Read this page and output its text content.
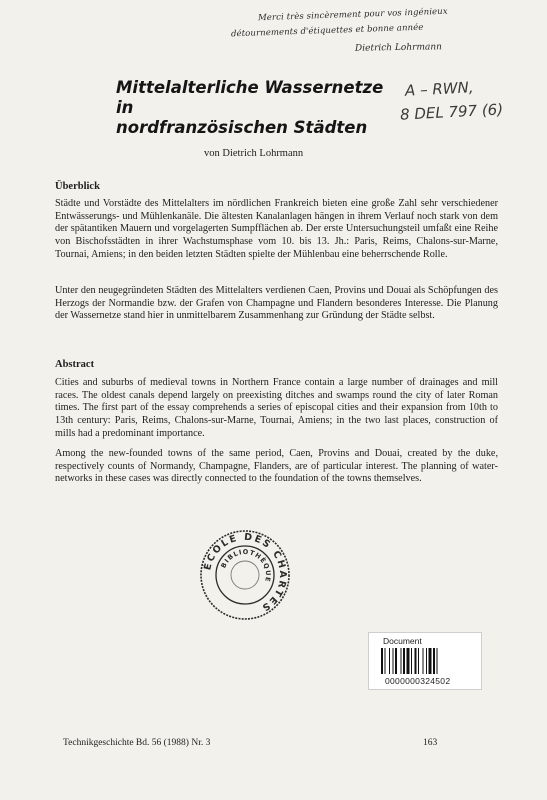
Merci très sincèrement pour vos ingénieux
détournements d'étiquettes et bonne année
Dietrich Lohrmann
A – RWN,
8 DEL 797 (6)
Mittelalterliche Wassernetze in
nordfranzösischen Städten
von Dietrich Lohrmann
Überblick

Städte und Vorstädte des Mittelalters im nördlichen Frankreich bieten eine große Zahl sehr verschiedener Entwässerungs- und Mühlenkanäle. Die ältesten Kanalanlagen hängen in ihrem Verlauf noch stark von dem der spätantiken Mauern und vorgelagerten Sumpfflächen ab. Der erste Untersuchungsteil umfaßt eine Reihe von Bischofsstädten in ihrer Wachstumsphase vom 10. bis 13. Jh.: Paris, Reims, Chalons-sur-Marne, Tournai, Amiens; in den beiden letzten Städten spielte der Mühlenbau eine beherrschende Rolle.

Unter den neugegründeten Städten des Mittelalters verdienen Caen, Provins und Douai als Schöpfungen des Herzogs der Normandie bzw. der Grafen von Champagne und Flandern besonderes Interesse. Die Planung der Wassernetze stand hier in unmittelbarem Zusammenhang zur Gründung der Städte selbst.

Abstract

Cities and suburbs of medieval towns in Northern France contain a large number of drainages and mill races. The oldest canals depend largely on preexisting ditches and swamps round the city of later Roman times. The first part of the essay comprehends a series of episcopal cities and their expansion from 10th to 13th century: Paris, Reims, Chalons-sur-Marne, Tournai, Amiens; in the two last places, construction of mills had a predominant importance.

Among the new-founded towns of the same period, Caen, Provins and Douai, created by the duke, respectively counts of Normandy, Champagne, Flanders, are of particular interest. The planning of water-networks in these cases was directly connected to the foundation of the towns themselves.

ÉCOLE DES CHARTES
BIBLIOTHÈQUE
Document
0000000324502
Technikgeschichte Bd. 56 (1988) Nr. 3	163
